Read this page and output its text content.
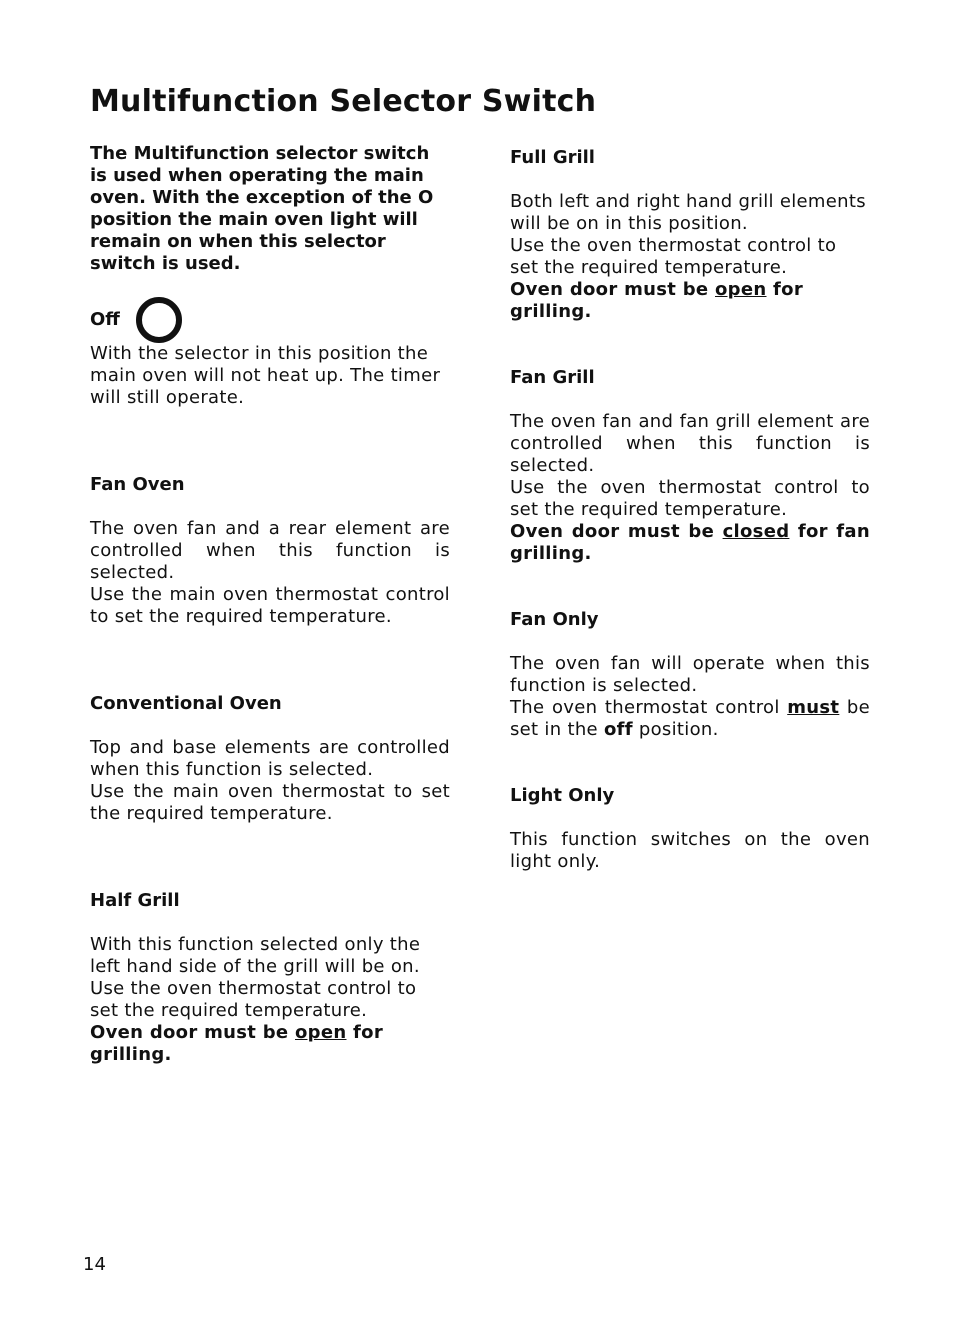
Multifunction Selector Switch

The Multifunction selector switch is used when operating the main oven. With the exception of the O position the main oven light will remain on when this selector switch is used.

Off

With the selector in this position the main oven will not heat up. The timer will still operate.

Fan Oven

The oven fan and a rear element are controlled when this function is selected.
Use the main oven thermostat control to set the required temperature.

Conventional Oven

Top and base elements are controlled when this function is selected.
Use the main oven thermostat to set the required temperature.

Half Grill

With this function selected only the left hand side of the grill will be on.
Use the oven thermostat control to set the required temperature.
Oven door must be open for grilling.

Full Grill

Both left and right hand grill elements will be on in this position.
Use the oven thermostat control to set the required temperature.
Oven door must be open for grilling.

Fan Grill

The oven fan and fan grill element are controlled when this function is selected.
Use the oven thermostat control to set the required temperature.
Oven door must be closed for fan grilling.

Fan Only

The oven fan will operate when this function is selected.
The oven thermostat control must be set in the off position.

Light Only

This function switches on the oven light only.

14
